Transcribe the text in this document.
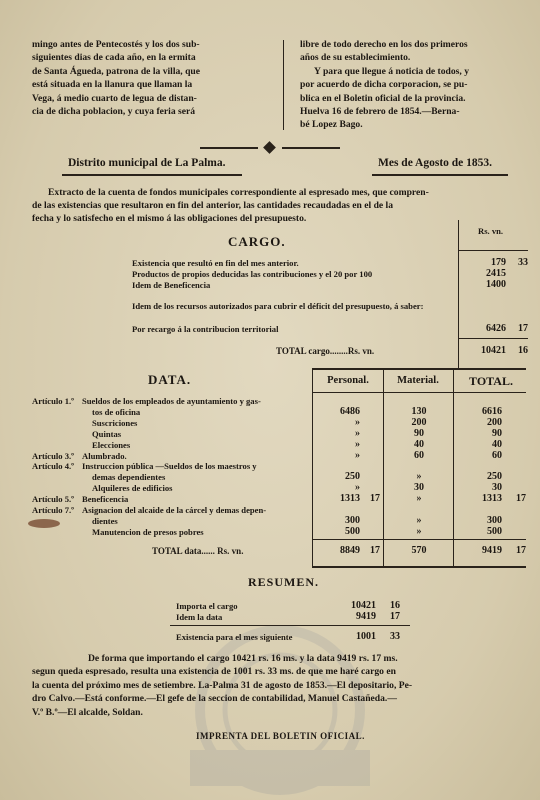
mingo antes de Pentecostés y los dos sub-
siguientes dias de cada año, en la ermita
de Santa Águeda, patrona de la villa, que
está situada en la llanura que llaman la
Vega, á medio cuarto de legua de distan-
cia de dicha poblacion, y cuya feria será
libre de todo derecho en los dos primeros
años de su establecimiento.
Y para que llegue á noticia de todos, y
por acuerdo de dicha corporacion, se pu-
blica en el Boletin oficial de la provincia.
Huelva 16 de febrero de 1854.—Berna-
bé Lopez Bago.
Distrito municipal de La Palma.	Mes de Agosto de 1853.
Extracto de la cuenta de fondos municipales correspondiente al espresado mes, que compren-
de las existencias que resultaron en fin del anterior, las cantidades recaudadas en el de la
fecha y lo satisfecho en el mismo á las obligaciones del presupuesto.
CARGO.
Rs. vn.
Existencia que resultó en fin del mes anterior.	179	33
Productos de propios deducidas las contribuciones y el 20 por 100	2415
Idem de Beneficencia	1400
Idem de los recursos autorizados para cubrir el déficit del presupuesto, á saber:
Por recargo á la contribucion territorial	6426	17
TOTAL cargo........Rs. vn.	10421	16
DATA.	Personal.	Material.	TOTAL.
Artículo 1.º Sueldos de los empleados de ayuntamiento y gas-
tos de oficina	6486	130	6616
Suscriciones	»	200	200
Quintas	»	90	90
Elecciones	»	40	40
Artículo 3.º Alumbrado.	»	60	60
Artículo 4.º Instruccion pública —Sueldos de los maestros y
demas dependientes	250	»	250
Alquileres de edificios	»	30	30
Artículo 5.º Beneficencia	1313	17	»	1313	17
Artículo 7.º Asignacion del alcaide de la cárcel y demas depen-
dientes	300	»	300
Manutencion de presos pobres	500	»	500
TOTAL data...... Rs. vn.	8849	17	570	9419	17
RESUMEN.
Importa el cargo	10421	16
Idem la data	9419	17
Existencia para el mes siguiente	1001	33
De forma que importando el cargo 10421 rs. 16 ms. y la data 9419 rs. 17 ms.
segun queda espresado, resulta una existencia de 1001 rs. 33 ms. de que me haré cargo en
la cuenta del próximo mes de setiembre. La-Palma 31 de agosto de 1853.—El depositario, Pe-
dro Calvo.—Está conforme.—El gefe de la seccion de contabilidad, Manuel Castañeda.—
V.º B.º—El alcalde, Soldan.
IMPRENTA DEL BOLETIN OFICIAL.
